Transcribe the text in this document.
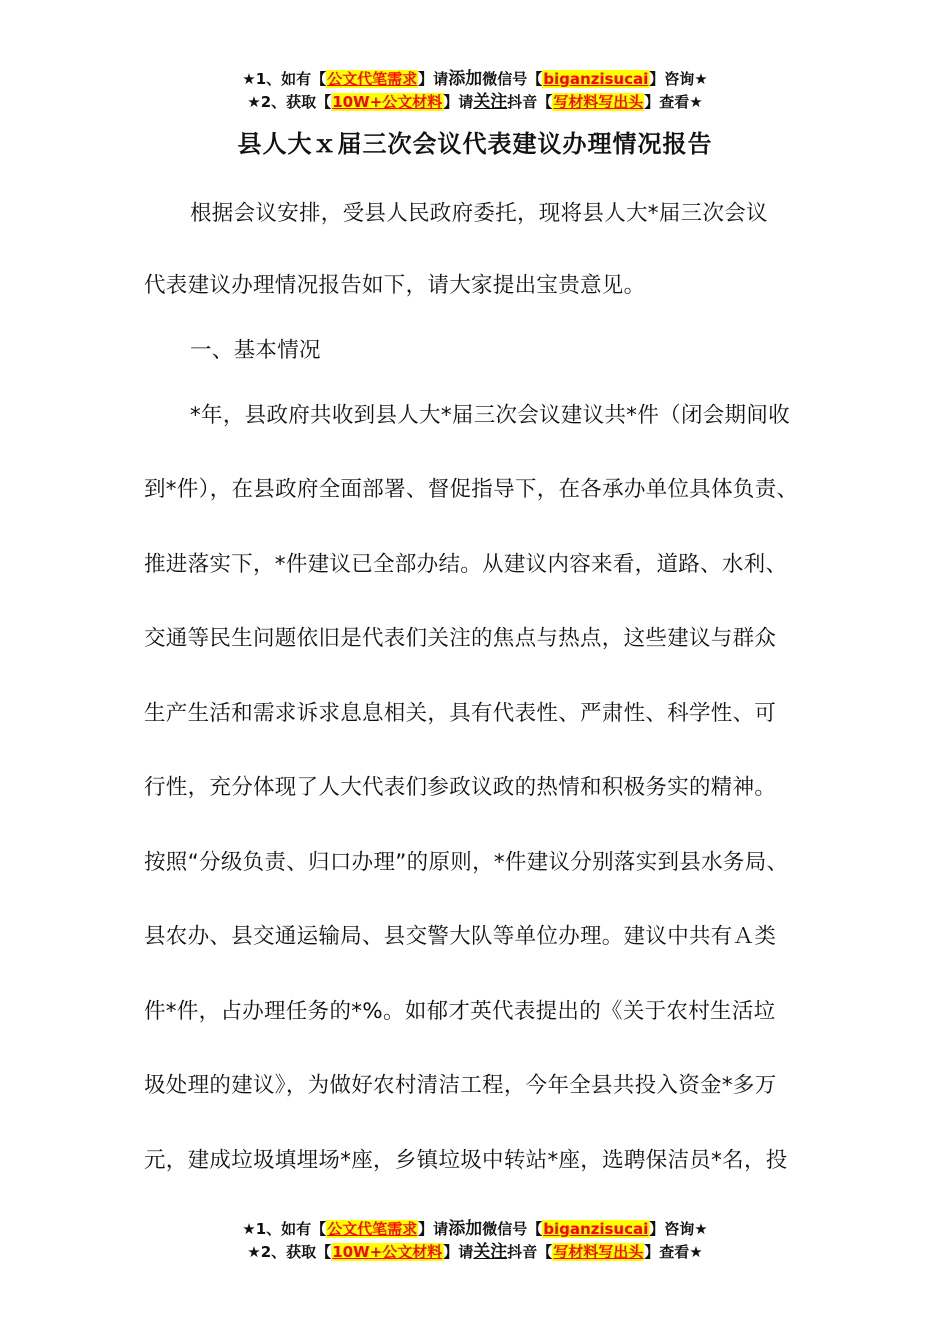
★1、如有【公文代笔需求】请添加微信号【biganzisucai】咨询★
★2、获取【10W+公文材料】请关注抖音【写材料写出头】查看★
县人大ｘ届三次会议代表建议办理情况报告
根据会议安排，受县人民政府委托，现将县人大*届三次会议
代表建议办理情况报告如下，请大家提出宝贵意见。
一、基本情况
*年，县政府共收到县人大*届三次会议建议共*件（闭会期间收
到*件），在县政府全面部署、督促指导下，在各承办单位具体负责、
推进落实下，*件建议已全部办结。从建议内容来看，道路、水利、
交通等民生问题依旧是代表们关注的焦点与热点，这些建议与群众
生产生活和需求诉求息息相关，具有代表性、严肃性、科学性、可
行性，充分体现了人大代表们参政议政的热情和积极务实的精神。
按照“分级负责、归口办理”的原则，*件建议分别落实到县水务局、
县农办、县交通运输局、县交警大队等单位办理。建议中共有Ａ类
件*件，占办理任务的*%。如郁才英代表提出的《关于农村生活垃
圾处理的建议》，为做好农村清洁工程，今年全县共投入资金*多万
元，建成垃圾填埋场*座，乡镇垃圾中转站*座，选聘保洁员*名，投
★1、如有【公文代笔需求】请添加微信号【biganzisucai】咨询★
★2、获取【10W+公文材料】请关注抖音【写材料写出头】查看★
